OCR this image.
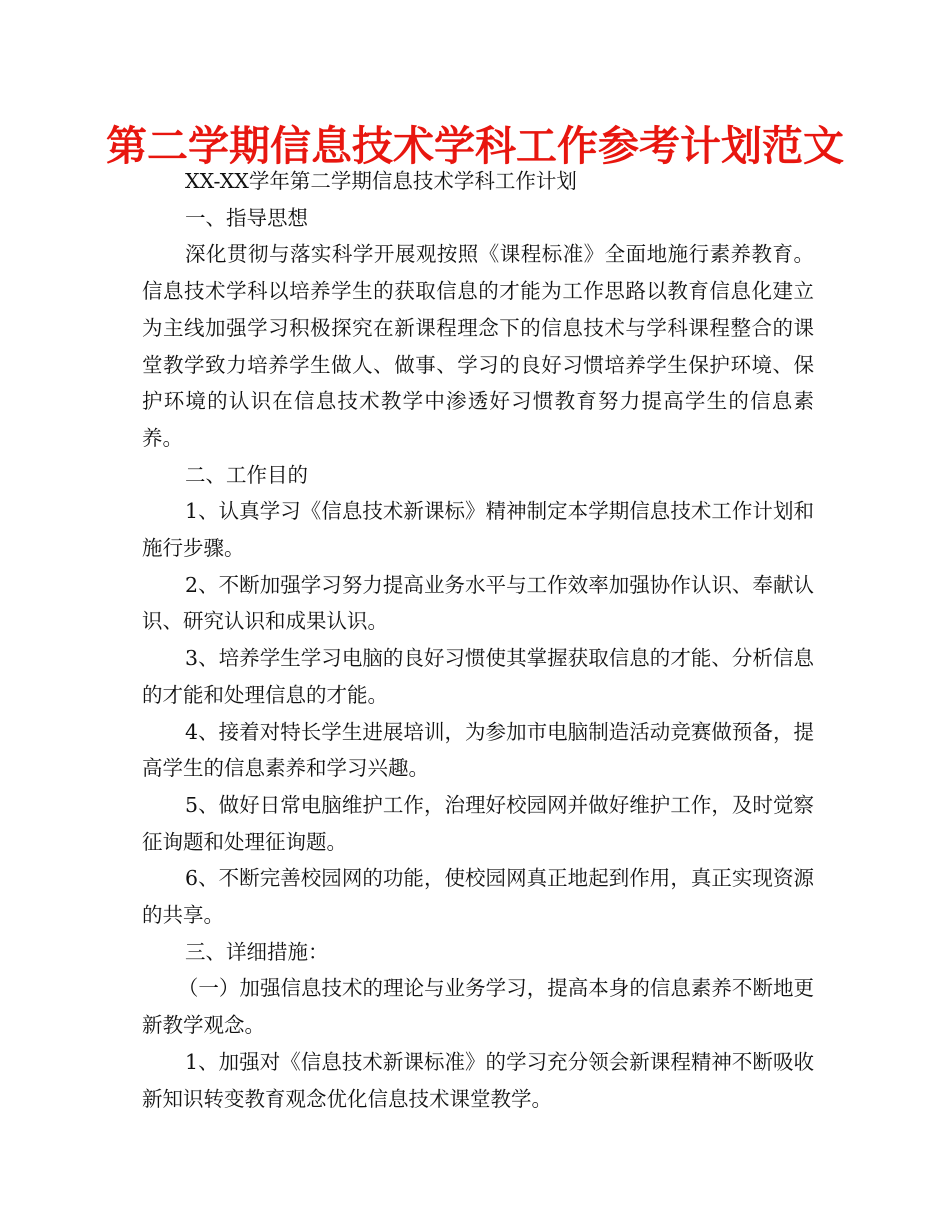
第二学期信息技术学科工作参考计划范文

XX-XX学年第二学期信息技术学科工作计划

一、指导思想

深化贯彻与落实科学开展观按照《课程标准》全面地施行素养教育。信息技术学科以培养学生的获取信息的才能为工作思路以教育信息化建立为主线加强学习积极探究在新课程理念下的信息技术与学科课程整合的课堂教学致力培养学生做人、做事、学习的良好习惯培养学生保护环境、保护环境的认识在信息技术教学中渗透好习惯教育努力提高学生的信息素养。

二、工作目的

1、认真学习《信息技术新课标》精神制定本学期信息技术工作计划和施行步骤。

2、不断加强学习努力提高业务水平与工作效率加强协作认识、奉献认识、研究认识和成果认识。

3、培养学生学习电脑的良好习惯使其掌握获取信息的才能、分析信息的才能和处理信息的才能。

4、接着对特长学生进展培训，为参加市电脑制造活动竞赛做预备，提高学生的信息素养和学习兴趣。

5、做好日常电脑维护工作，治理好校园网并做好维护工作，及时觉察征询题和处理征询题。

6、不断完善校园网的功能，使校园网真正地起到作用，真正实现资源的共享。

三、详细措施：

（一）加强信息技术的理论与业务学习，提高本身的信息素养不断地更新教学观念。

1、加强对《信息技术新课标准》的学习充分领会新课程精神不断吸收新知识转变教育观念优化信息技术课堂教学。
